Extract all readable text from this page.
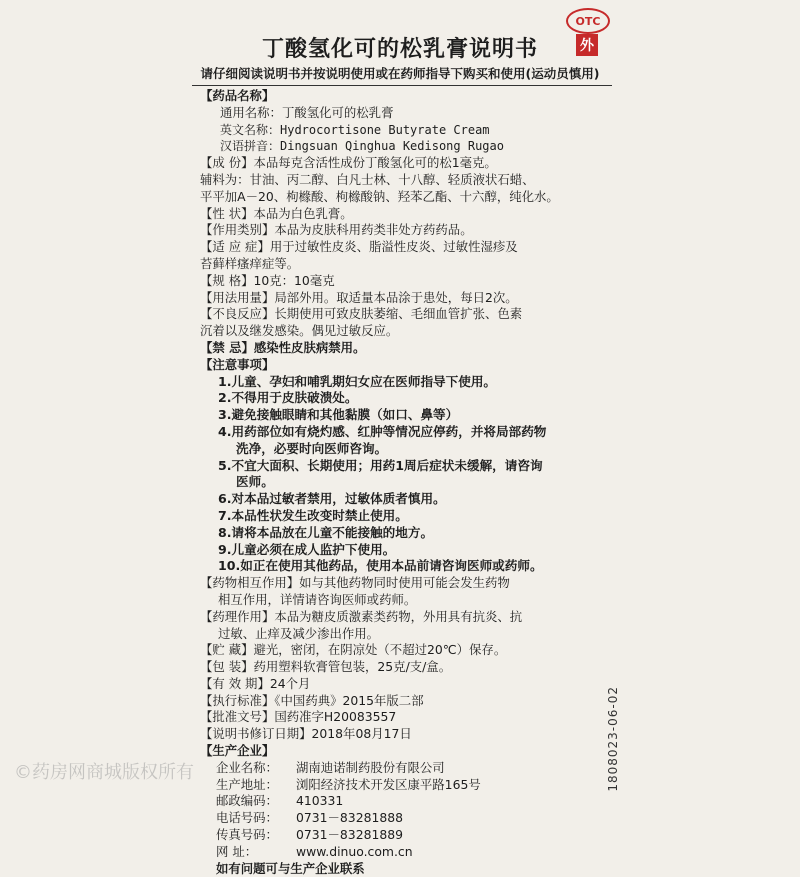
OTC
外
丁酸氢化可的松乳膏说明书
请仔细阅读说明书并按说明使用或在药师指导下购买和使用(运动员慎用)
【药品名称】
通用名称：丁酸氢化可的松乳膏
英文名称：Hydrocortisone Butyrate Cream
汉语拼音：Dingsuan Qinghua Kedisong Rugao
【成 份】本品每克含活性成份丁酸氢化可的松1毫克。
辅料为：甘油、丙二醇、白凡士林、十八醇、轻质液状石蜡、
平平加A－20、枸橼酸、枸橼酸钠、羟苯乙酯、十六醇，纯化水。
【性 状】本品为白色乳膏。
【作用类别】本品为皮肤科用药类非处方药药品。
【适 应 症】用于过敏性皮炎、脂溢性皮炎、过敏性湿疹及
苔藓样瘙痒症等。
【规 格】10克：10毫克
【用法用量】局部外用。取适量本品涂于患处，每日2次。
【不良反应】长期使用可致皮肤萎缩、毛细血管扩张、色素
沉着以及继发感染。偶见过敏反应。
【禁 忌】感染性皮肤病禁用。
【注意事项】
1.儿童、孕妇和哺乳期妇女应在医师指导下使用。
2.不得用于皮肤破溃处。
3.避免接触眼睛和其他黏膜（如口、鼻等）
4.用药部位如有烧灼感、红肿等情况应停药，并将局部药物
洗净，必要时向医师咨询。
5.不宜大面积、长期使用；用药1周后症状未缓解，请咨询
医师。
6.对本品过敏者禁用，过敏体质者慎用。
7.本品性状发生改变时禁止使用。
8.请将本品放在儿童不能接触的地方。
9.儿童必须在成人监护下使用。
10.如正在使用其他药品，使用本品前请咨询医师或药师。
【药物相互作用】如与其他药物同时使用可能会发生药物
相互作用，详情请咨询医师或药师。
【药理作用】本品为糖皮质激素类药物，外用具有抗炎、抗
过敏、止痒及减少渗出作用。
【贮 藏】避光，密闭，在阴凉处（不超过20℃）保存。
【包 装】药用塑料软膏管包装，25克/支/盒。
【有 效 期】24个月
【执行标准】《中国药典》2015年版二部
【批准文号】国药准字H20083557
【说明书修订日期】2018年08月17日
【生产企业】
企业名称：	湖南迪诺制药股份有限公司
生产地址：	浏阳经济技术开发区康平路165号
邮政编码：	410331
电话号码：	0731－83281888
传真号码：	0731－83281889
网 址：	www.dinuo.com.cn
如有问题可与生产企业联系
1808023-06-02
©药房网商城版权所有
